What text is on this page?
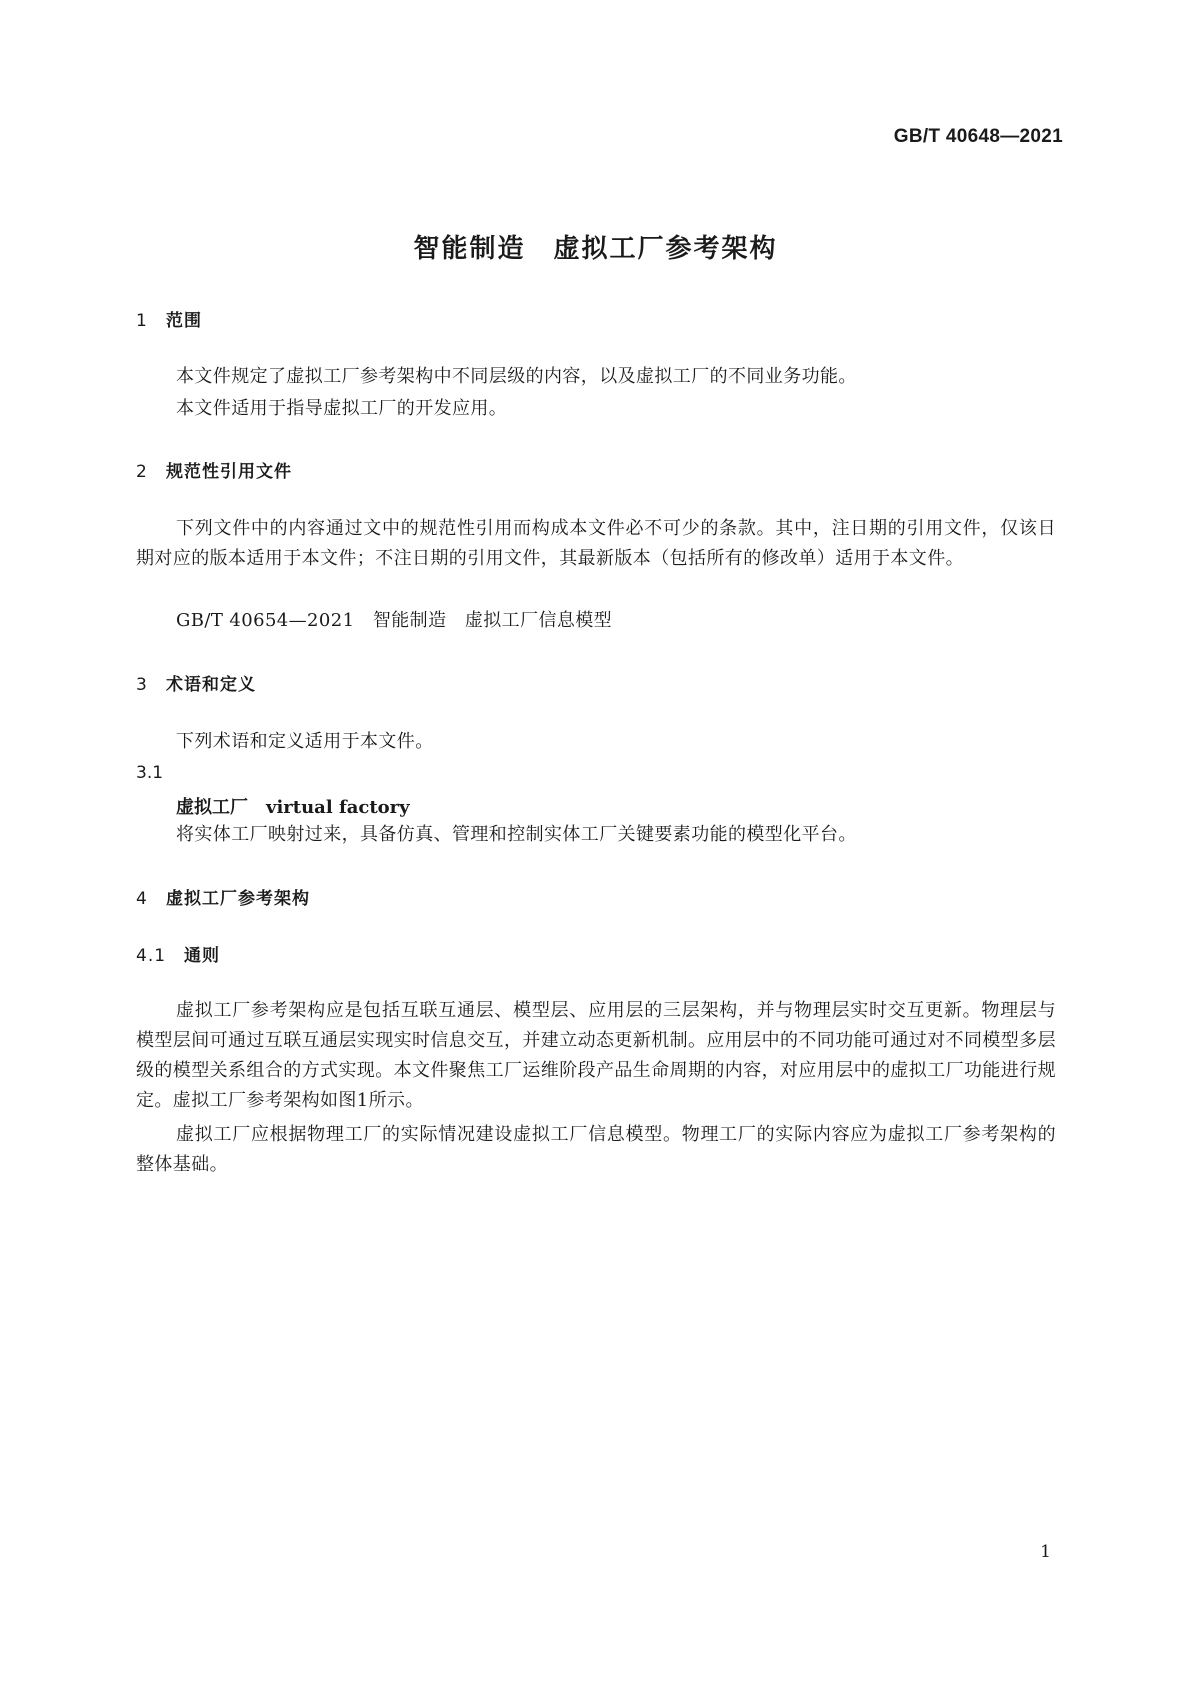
GB/T 40648—2021
智能制造　虚拟工厂参考架构
1 范围
本文件规定了虚拟工厂参考架构中不同层级的内容，以及虚拟工厂的不同业务功能。
本文件适用于指导虚拟工厂的开发应用。
2 规范性引用文件
下列文件中的内容通过文中的规范性引用而构成本文件必不可少的条款。其中，注日期的引用文件，仅该日期对应的版本适用于本文件；不注日期的引用文件，其最新版本（包括所有的修改单）适用于本文件。
GB/T 40654—2021　智能制造　虚拟工厂信息模型
3 术语和定义
下列术语和定义适用于本文件。
3.1
虚拟工厂　virtual factory
将实体工厂映射过来，具备仿真、管理和控制实体工厂关键要素功能的模型化平台。
4 虚拟工厂参考架构
4.1 通则
虚拟工厂参考架构应是包括互联互通层、模型层、应用层的三层架构，并与物理层实时交互更新。物理层与模型层间可通过互联互通层实现实时信息交互，并建立动态更新机制。应用层中的不同功能可通过对不同模型多层级的模型关系组合的方式实现。本文件聚焦工厂运维阶段产品生命周期的内容，对应用层中的虚拟工厂功能进行规定。虚拟工厂参考架构如图1所示。
虚拟工厂应根据物理工厂的实际情况建设虚拟工厂信息模型。物理工厂的实际内容应为虚拟工厂参考架构的整体基础。
1
